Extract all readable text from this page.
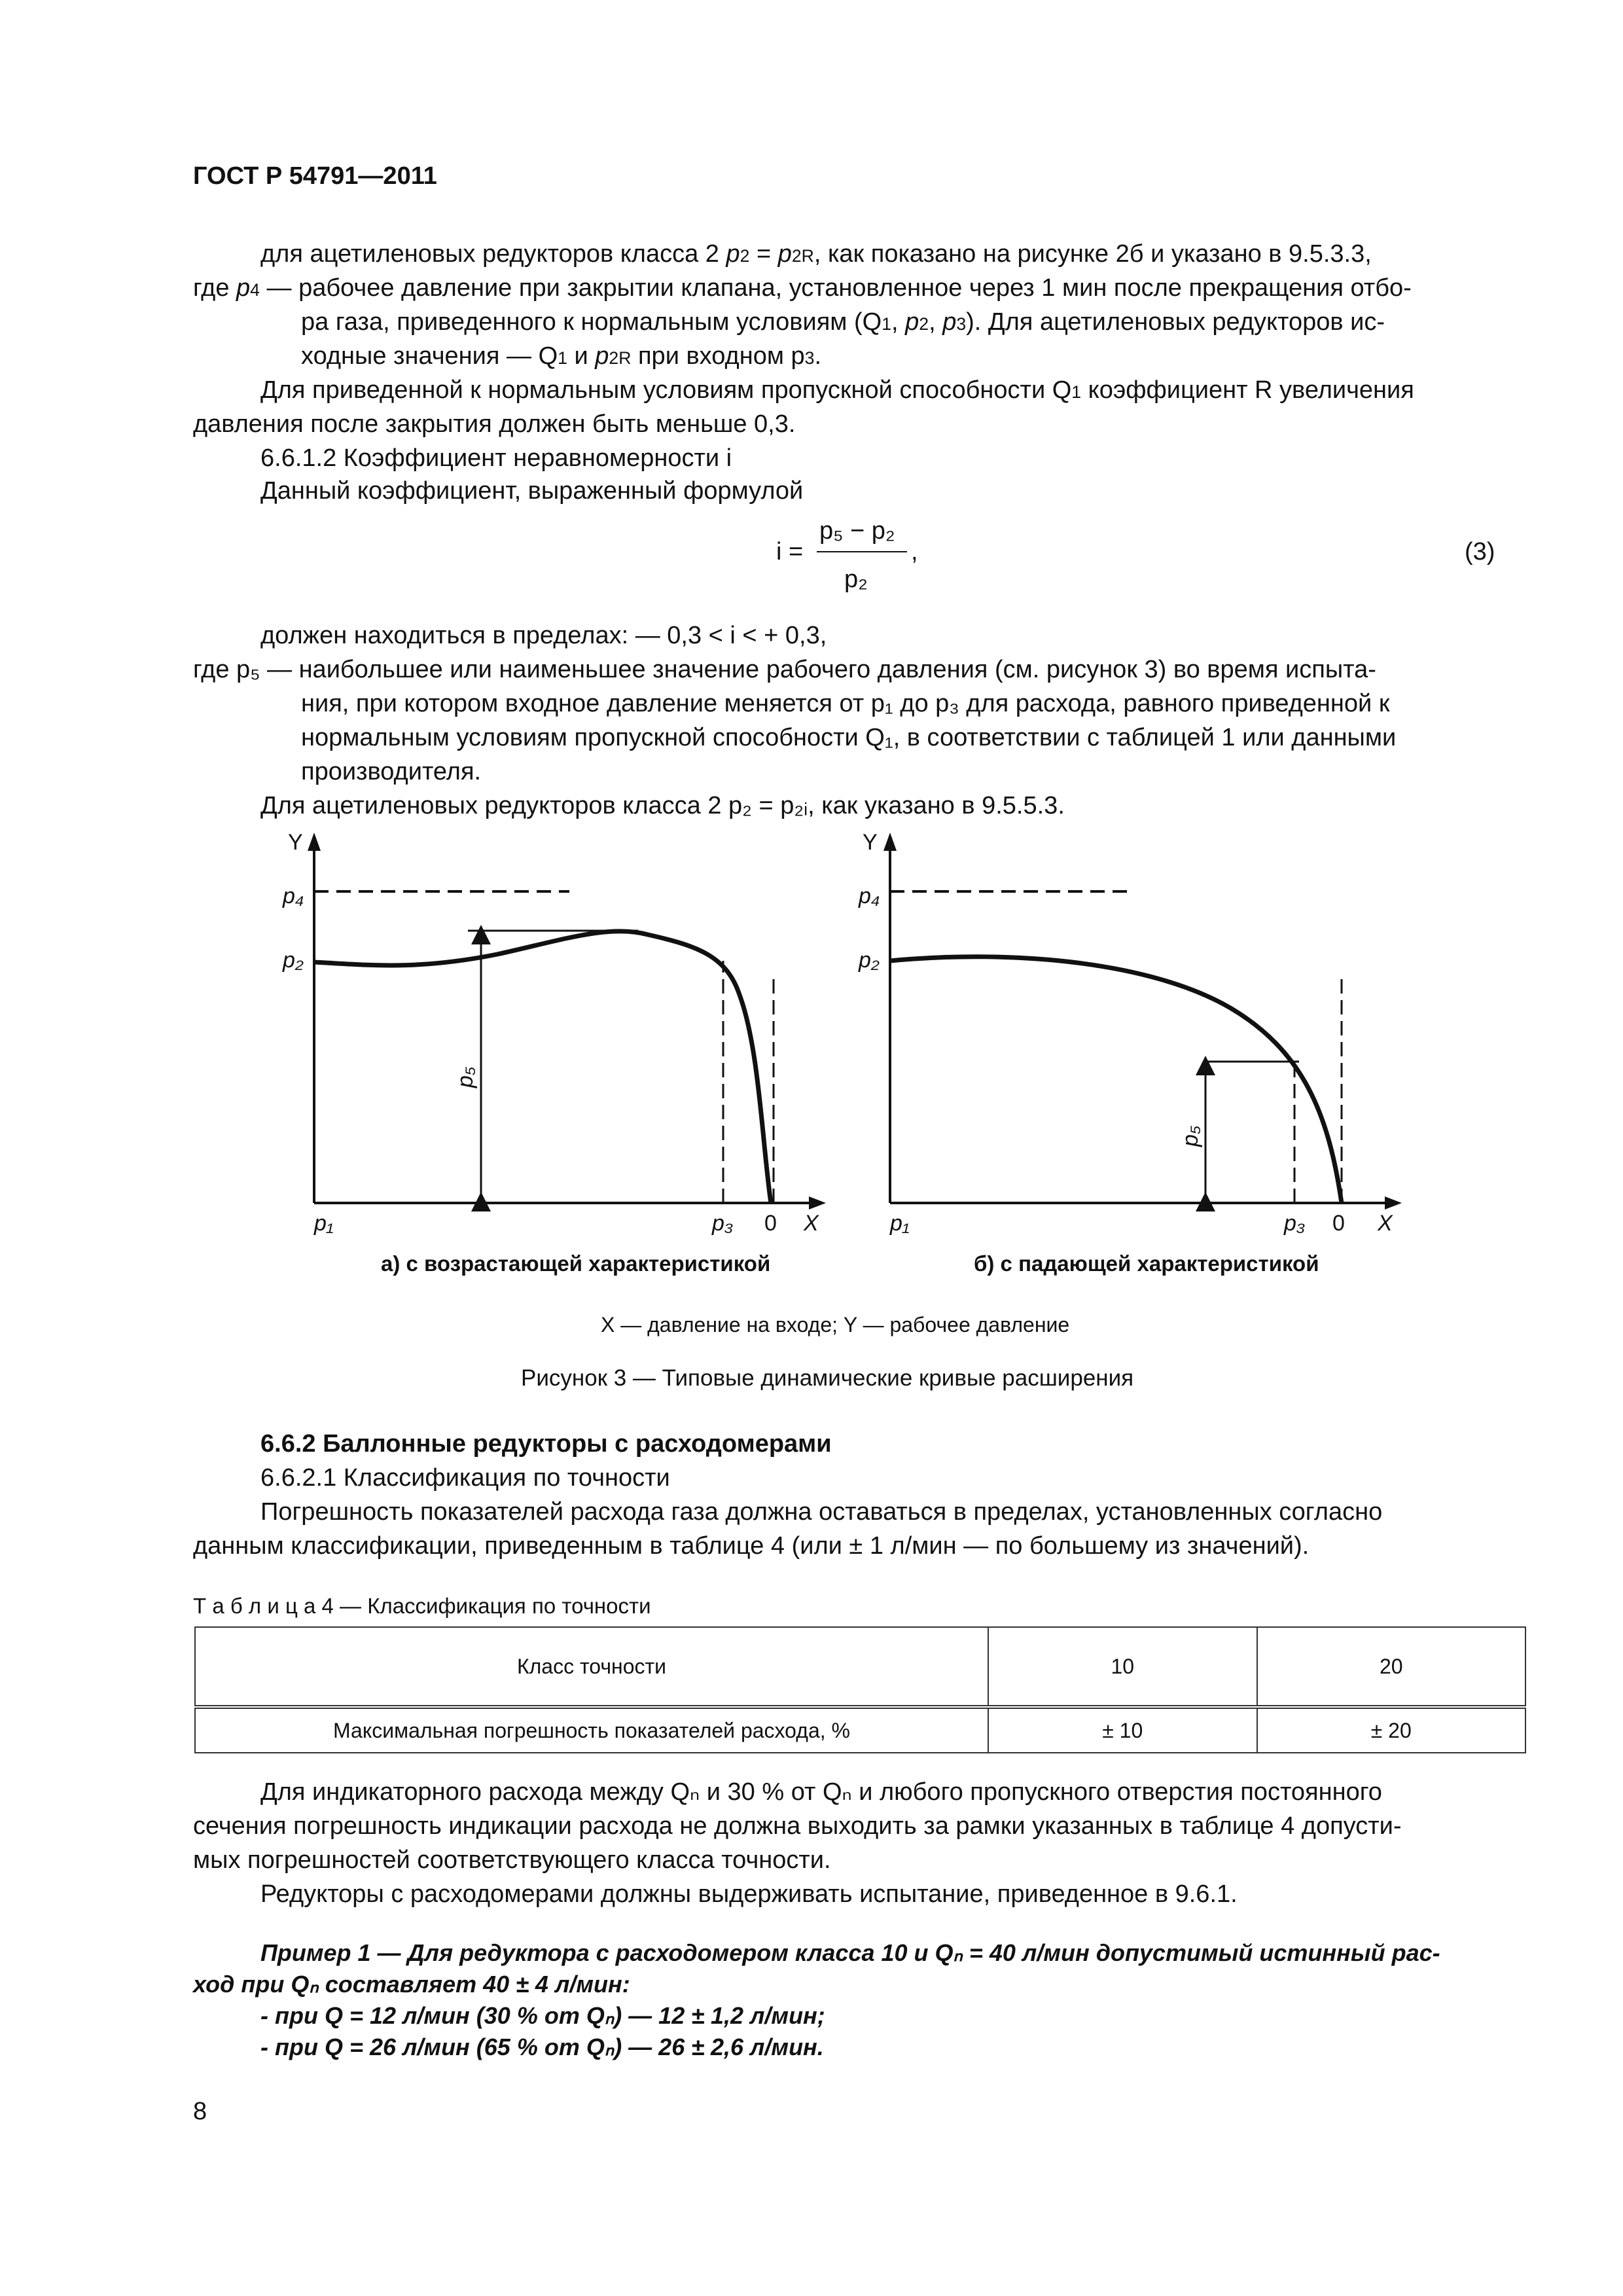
ГОСТ Р 54791—2011
для ацетиленовых редукторов класса 2 $p_2 = p_{2R}$, как показано на рисунке 2б и указано в 9.5.3.3,
где $p_4$ — рабочее давление при закрытии клапана, установленное через 1 мин после прекращения отбо-
ра газа, приведенного к нормальным условиям ($Q_1$, $p_2$, $p_3$). Для ацетиленовых редукторов ис-
ходные значения — $Q_1$ и $p_{2R}$ при входном $p_3$.
Для приведенной к нормальным условиям пропускной способности $Q_1$ коэффициент R увеличения
давления после закрытия должен быть меньше 0,3.
6.6.1.2 Коэффициент неравномерности i
Данный коэффициент, выраженный формулой
i =
p₅ − p₂
p₂
,	(3)
должен находиться в пределах: — 0,3 < i < + 0,3,
где p₅ — наибольшее или наименьшее значение рабочего давления (см. рисунок 3) во время испыта-
ния, при котором входное давление меняется от p₁ до p₃ для расхода, равного приведенной к
нормальным условиям пропускной способности Q₁, в соответствии с таблицей 1 или данными
производителя.
Для ацетиленовых редукторов класса 2 p₂ = p₂ᵢ, как указано в 9.5.5.3.
Y
p₄
p₂
p₁	p₃ 0 X
p₅
Y
p₄
p₂
p₁	p₃ 0 X
p₅
а) с возрастающей характеристикой	б) с падающей характеристикой
X — давление на входе; Y — рабочее давление
Рисунок 3 — Типовые динамические кривые расширения
6.6.2 Баллонные редукторы с расходомерами
6.6.2.1 Классификация по точности
Погрешность показателей расхода газа должна оставаться в пределах, установленных согласно
данным классификации, приведенным в таблице 4 (или ± 1 л/мин — по большему из значений).
Т а б л и ц а 4 — Классификация по точности
Класс точности	10	20
Максимальная погрешность показателей расхода, %	± 10	± 20
Для индикаторного расхода между Qₙ и 30 % от Qₙ и любого пропускного отверстия постоянного
сечения погрешность индикации расхода не должна выходить за рамки указанных в таблице 4 допусти-
мых погрешностей соответствующего класса точности.
Редукторы с расходомерами должны выдерживать испытание, приведенное в 9.6.1.
Пример 1 — Для редуктора с расходомером класса 10 и Qₙ = 40 л/мин допустимый истинный рас-
ход при Qₙ составляет 40 ± 4 л/мин:
- при Q = 12 л/мин (30 % от Qₙ) — 12 ± 1,2 л/мин;
- при Q = 26 л/мин (65 % от Qₙ) — 26 ± 2,6 л/мин.
8
